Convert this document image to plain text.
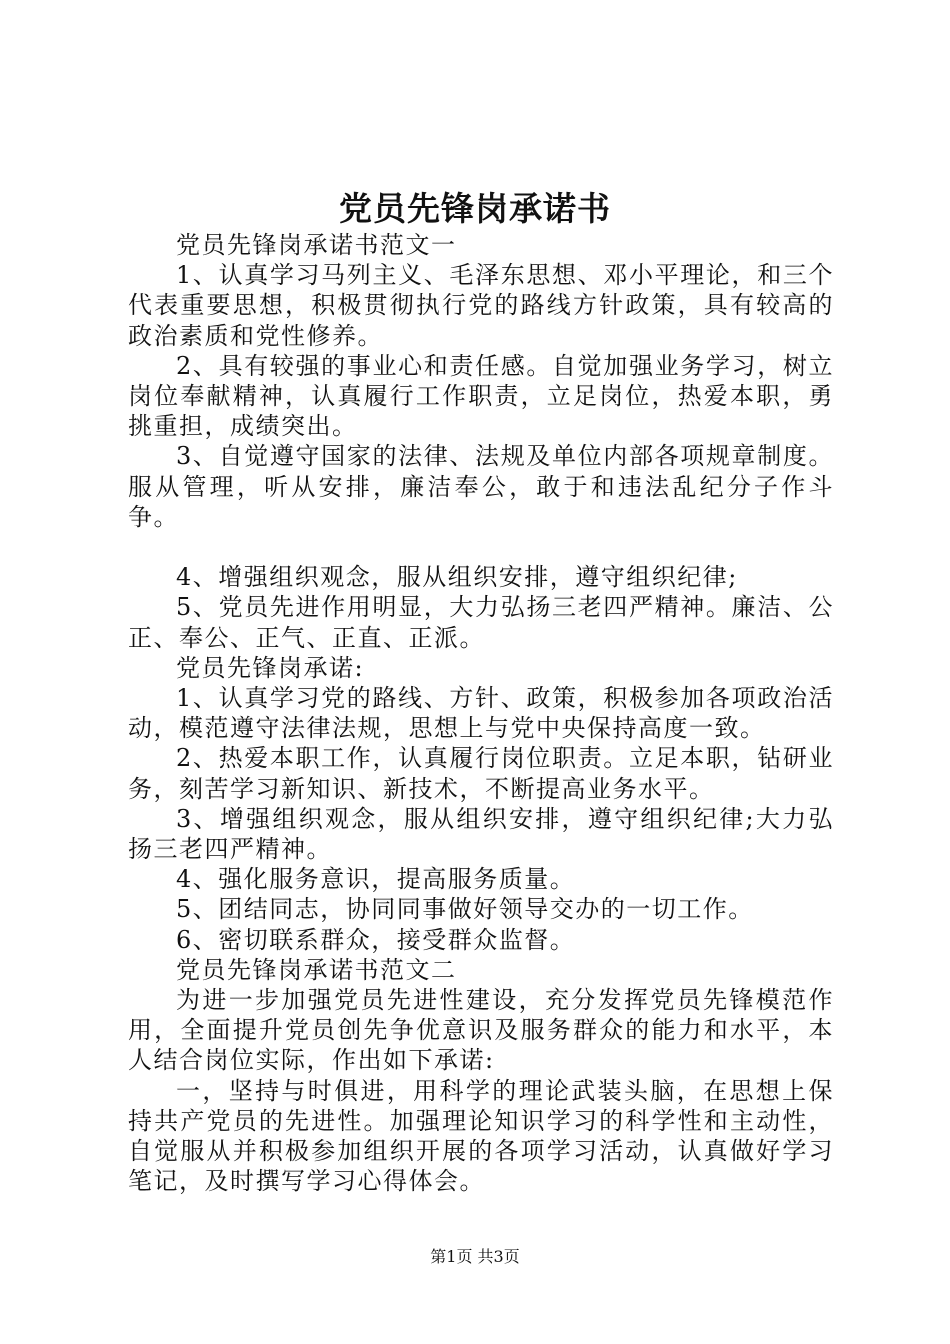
党员先锋岗承诺书

党员先锋岗承诺书范文一

1、认真学习马列主义、毛泽东思想、邓小平理论，和三个代表重要思想，积极贯彻执行党的路线方针政策，具有较高的政治素质和党性修养。

2、具有较强的事业心和责任感。自觉加强业务学习，树立岗位奉献精神，认真履行工作职责，立足岗位，热爱本职，勇挑重担，成绩突出。

3、自觉遵守国家的法律、法规及单位内部各项规章制度。服从管理，听从安排，廉洁奉公，敢于和违法乱纪分子作斗争。

4、增强组织观念，服从组织安排，遵守组织纪律;

5、党员先进作用明显，大力弘扬三老四严精神。廉洁、公正、奉公、正气、正直、正派。

党员先锋岗承诺:

1、认真学习党的路线、方针、政策，积极参加各项政治活动，模范遵守法律法规，思想上与党中央保持高度一致。

2、热爱本职工作，认真履行岗位职责。立足本职，钻研业务，刻苦学习新知识、新技术，不断提高业务水平。

3、增强组织观念，服从组织安排，遵守组织纪律;大力弘扬三老四严精神。

4、强化服务意识，提高服务质量。

5、团结同志，协同同事做好领导交办的一切工作。

6、密切联系群众，接受群众监督。

党员先锋岗承诺书范文二

为进一步加强党员先进性建设，充分发挥党员先锋模范作用，全面提升党员创先争优意识及服务群众的能力和水平，本人结合岗位实际，作出如下承诺:

一，坚持与时俱进，用科学的理论武装头脑，在思想上保持共产党员的先进性。加强理论知识学习的科学性和主动性，自觉服从并积极参加组织开展的各项学习活动，认真做好学习笔记，及时撰写学习心得体会。

第1页 共3页
